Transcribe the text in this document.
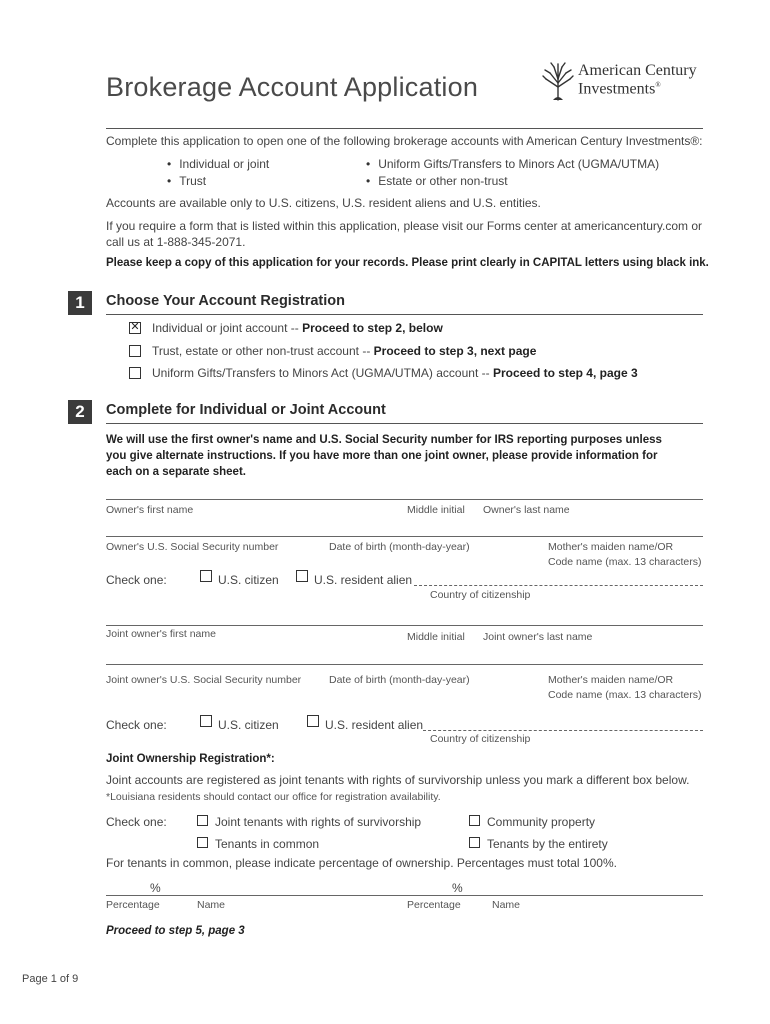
Brokerage Account Application
American Century
Investments®
Complete this application to open one of the following brokerage accounts with American Century Investments®:
• Individual or joint
• Trust
• Uniform Gifts/Transfers to Minors Act (UGMA/UTMA)
• Estate or other non-trust
Accounts are available only to U.S. citizens, U.S. resident aliens and U.S. entities.
If you require a form that is listed within this application, please visit our Forms center at americancentury.com or
call us at 1-888-345-2071.
Please keep a copy of this application for your records. Please print clearly in CAPITAL letters using black ink.
1	Choose Your Account Registration
✕ Individual or joint account -- Proceed to step 2, below
Trust, estate or other non-trust account -- Proceed to step 3, next page
Uniform Gifts/Transfers to Minors Act (UGMA/UTMA) account -- Proceed to step 4, page 3
2	Complete for Individual or Joint Account
We will use the first owner's name and U.S. Social Security number for IRS reporting purposes unless
you give alternate instructions. If you have more than one joint owner, please provide information for
each on a separate sheet.
Owner's first name	Middle initial Owner's last name
Owner's U.S. Social Security number	Date of birth (month-day-year)	Mother's maiden name/OR
Code name (max. 13 characters)
Check one:	U.S. citizen	U.S. resident alien
Country of citizenship
Joint owner's first name	Middle initial Joint owner's last name
Joint owner's U.S. Social Security number	Date of birth (month-day-year)	Mother's maiden name/OR
Code name (max. 13 characters)
Check one:	U.S. citizen	U.S. resident alien
Country of citizenship
Joint Ownership Registration*:
Joint accounts are registered as joint tenants with rights of survivorship unless you mark a different box below.
*Louisiana residents should contact our office for registration availability.
Check one:	Joint tenants with rights of survivorship	Community property
Tenants in common	Tenants by the entirety
For tenants in common, please indicate percentage of ownership. Percentages must total 100%.
%	%
Percentage	Name	Percentage	Name
Proceed to step 5, page 3
Page 1 of 9
